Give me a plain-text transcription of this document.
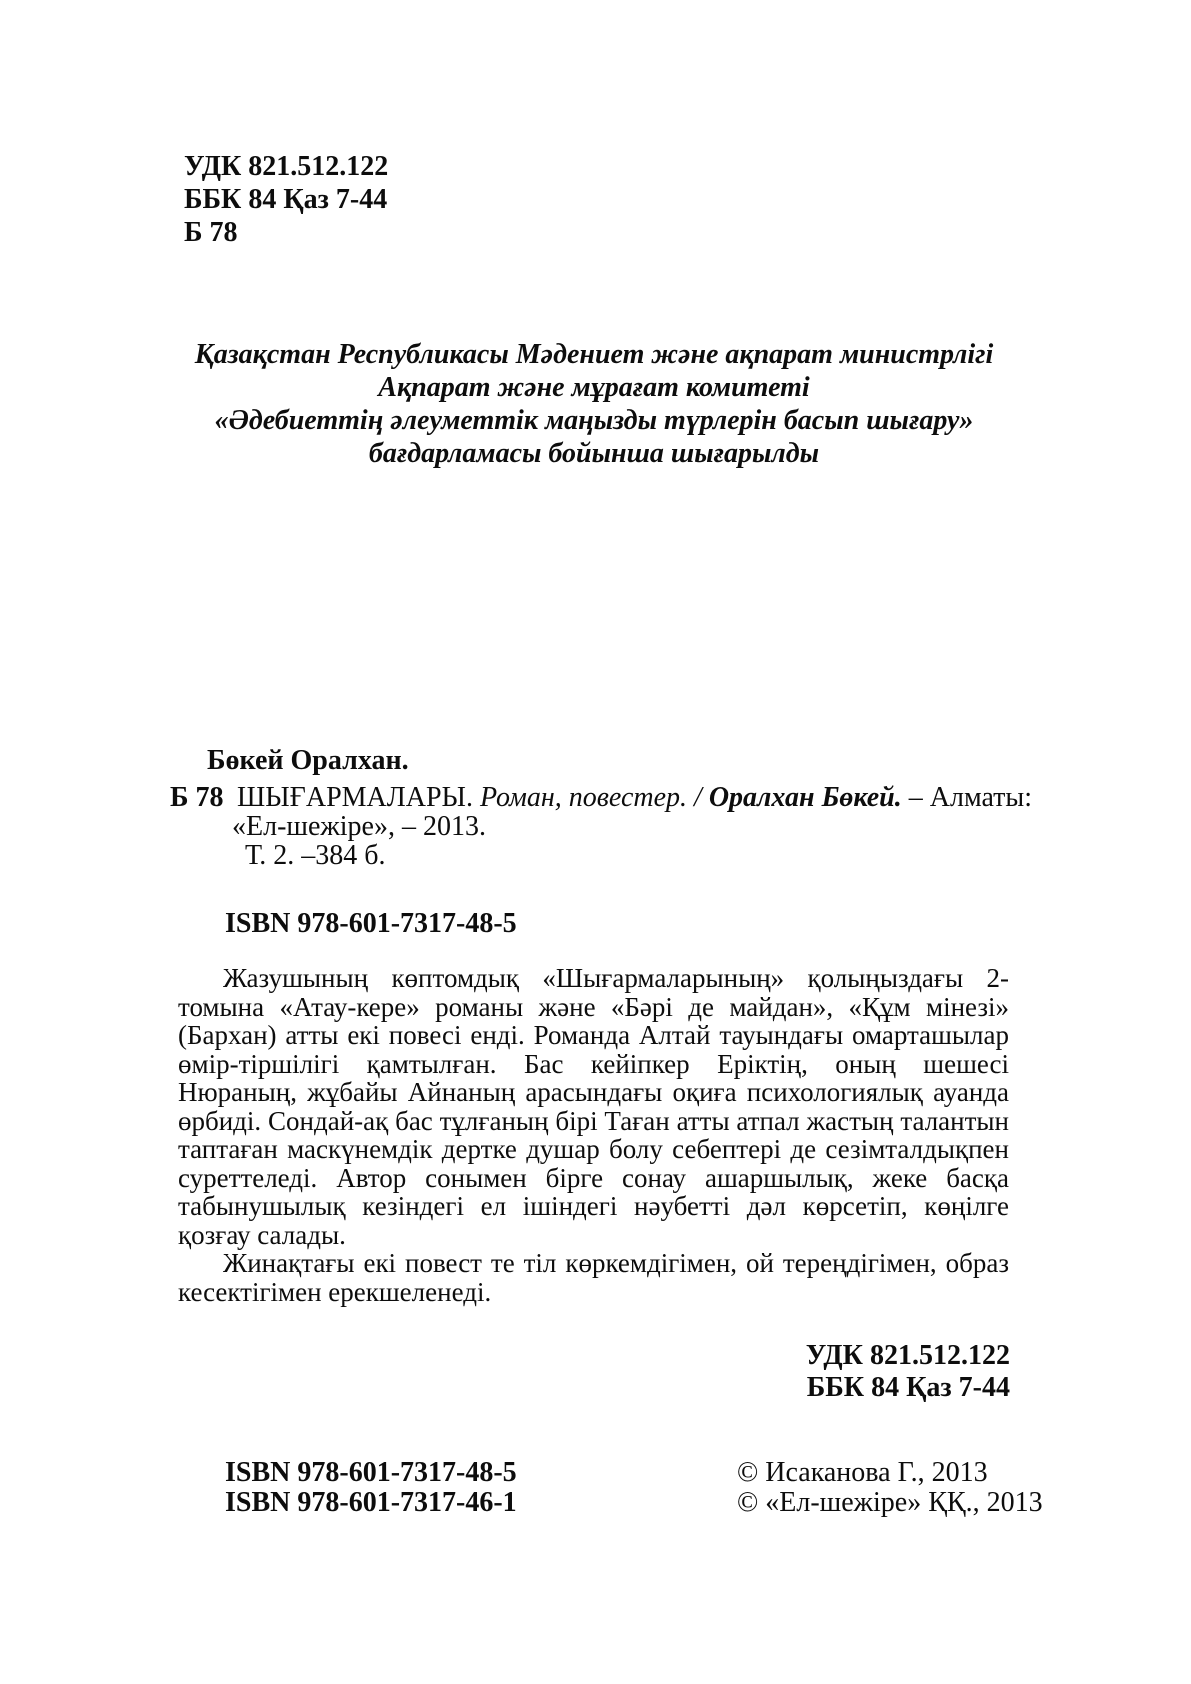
УДК 821.512.122
ББК 84 Қаз 7-44
Б 78
Қазақстан Республикасы Мәдениет және ақпарат министрлігі
Ақпарат және мұрағат комитеті
«Әдебиеттің әлеуметтік маңызды түрлерін басып шығару»
бағдарламасы бойынша шығарылды
Бөкей Оралхан.
Б 78 ШЫҒАРМАЛАРЫ. Роман, повестер. / Оралхан Бөкей. – Алматы:
«Ел-шежіре», – 2013.
Т. 2. –384 б.
ISBN 978-601-7317-48-5

Жазушының көптомдық «Шығармаларының» қолыңыздағы 2-томына «Атау-кере» романы және «Бәрі де майдан», «Құм мінезі» (Бархан) атты екі повесі енді. Романда Алтай тауындағы омарташылар өмір-тіршілігі қамтылған. Бас кейіпкер Еріктің, оның шешесі Нюраның, жұбайы Айнаның арасындағы оқиға психологиялық ауанда өрбиді. Сондай-ақ бас тұлғаның бірі Таған атты атпал жастың талантын таптаған маскүнемдік дертке душар болу себептері де сезімталдықпен суреттеледі. Автор сонымен бірге сонау ашаршылық, жеке басқа табынушылық кезіндегі ел ішіндегі нәубетті дәл көрсетіп, көңілге қозғау салады.

Жинақтағы екі повест те тіл көркемдігімен, ой тереңдігімен, образ кесектігімен ерекшеленеді.

УДК 821.512.122
ББК 84 Қаз 7-44
ISBN 978-601-7317-48-5
ISBN 978-601-7317-46-1
© Исаканова Г., 2013
© «Ел-шежіре» ҚҚ., 2013
